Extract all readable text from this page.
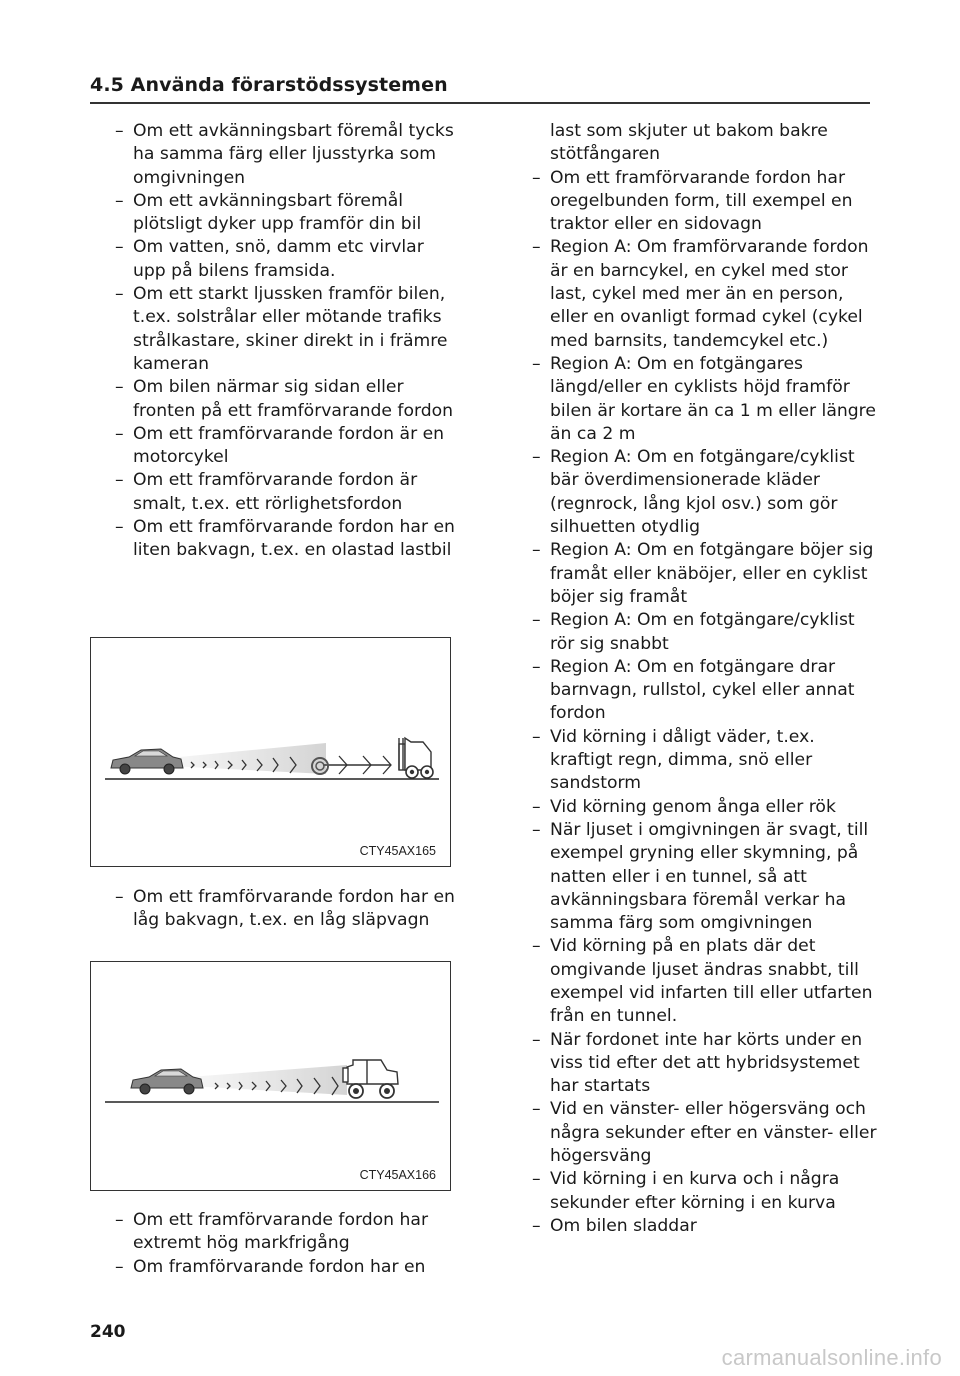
4.5 Använda förarstödssystemen
– Om ett avkänningsbart föremål tycks ha samma färg eller ljusstyrka som omgivningen
– Om ett avkänningsbart föremål plötsligt dyker upp framför din bil
– Om vatten, snö, damm etc virvlar upp på bilens framsida.
– Om ett starkt ljussken framför bilen, t.ex. solstrålar eller mötande trafiks strålkastare, skiner direkt in i främre kameran
– Om bilen närmar sig sidan eller fronten på ett framförvarande fordon
– Om ett framförvarande fordon är en motorcykel
– Om ett framförvarande fordon är smalt, t.ex. ett rörlighetsfordon
– Om ett framförvarande fordon har en liten bakvagn, t.ex. en olastad lastbil
CTY45AX165
– Om ett framförvarande fordon har en låg bakvagn, t.ex. en låg släpvagn
CTY45AX166
– Om ett framförvarande fordon har extremt hög markfrigång
– Om framförvarande fordon har en
last som skjuter ut bakom bakre stötfångaren
– Om ett framförvarande fordon har oregelbunden form, till exempel en traktor eller en sidovagn
– Region A: Om framförvarande fordon är en barncykel, en cykel med stor last, cykel med mer än en person, eller en ovanligt formad cykel (cykel med barnsits, tandemcykel etc.)
– Region A: Om en fotgängares längd/eller en cyklists höjd framför bilen är kortare än ca 1 m eller längre än ca 2 m
– Region A: Om en fotgängare/cyklist bär överdimensionerade kläder (regnrock, lång kjol osv.) som gör silhuetten otydlig
– Region A: Om en fotgängare böjer sig framåt eller knäböjer, eller en cyklist böjer sig framåt
– Region A: Om en fotgängare/cyklist rör sig snabbt
– Region A: Om en fotgängare drar barnvagn, rullstol, cykel eller annat fordon
– Vid körning i dåligt väder, t.ex. kraftigt regn, dimma, snö eller sandstorm
– Vid körning genom ånga eller rök
– När ljuset i omgivningen är svagt, till exempel gryning eller skymning, på natten eller i en tunnel, så att avkänningsbara föremål verkar ha samma färg som omgivningen
– Vid körning på en plats där det omgivande ljuset ändras snabbt, till exempel vid infarten till eller utfarten från en tunnel.
– När fordonet inte har körts under en viss tid efter det att hybridsystemet har startats
– Vid en vänster- eller högersväng och några sekunder efter en vänster- eller högersväng
– Vid körning i en kurva och i några sekunder efter körning i en kurva
– Om bilen sladdar
240
carmanualsonline.info
